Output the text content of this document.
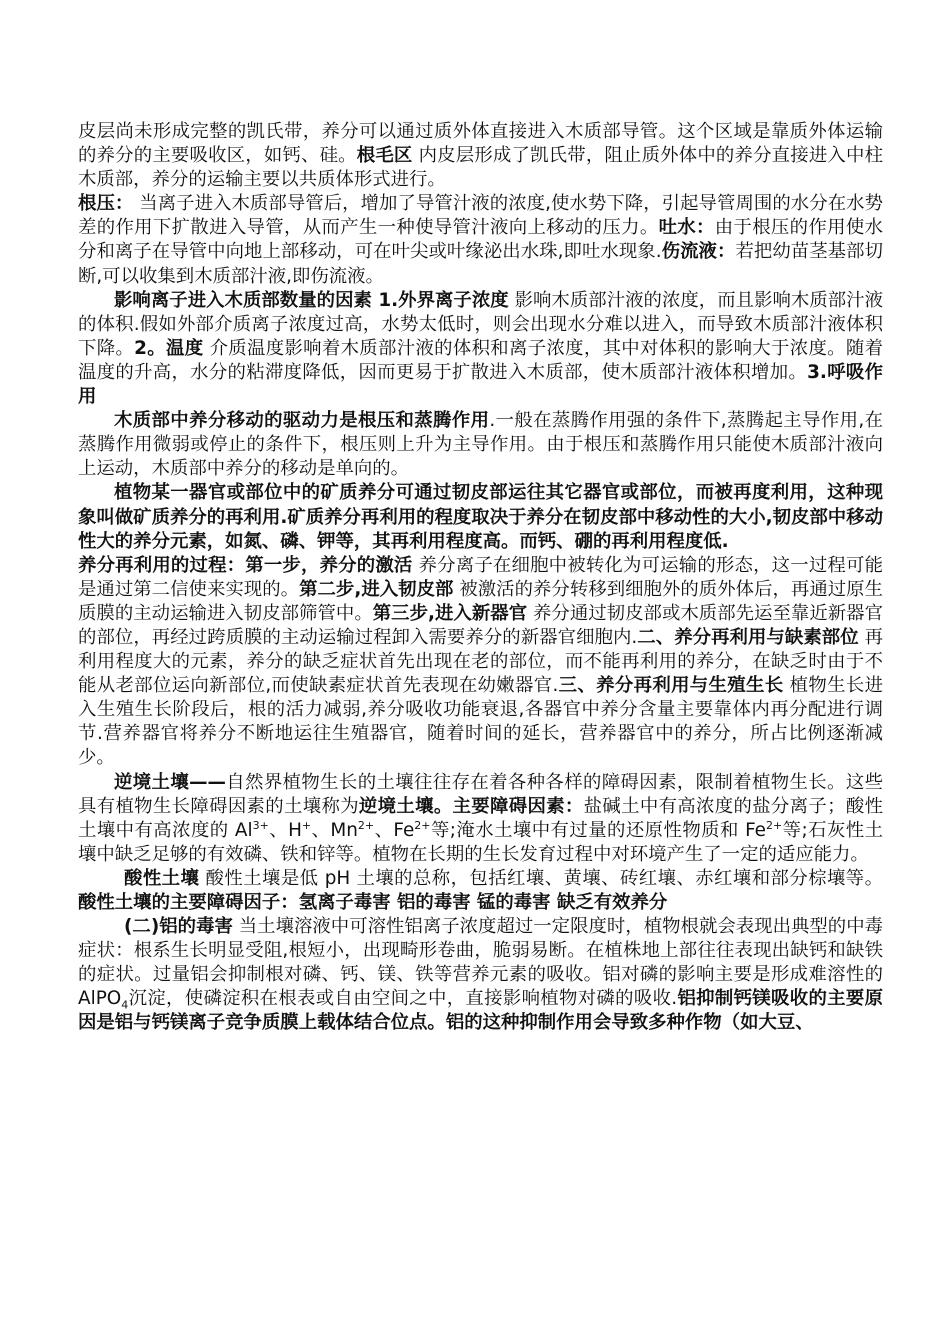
皮层尚未形成完整的凯氏带，养分可以通过质外体直接进入木质部导管。这个区域是靠质外体运输的养分的主要吸收区，如钙、硅。根毛区 内皮层形成了凯氏带，阻止质外体中的养分直接进入中柱木质部，养分的运输主要以共质体形式进行。

根压： 当离子进入木质部导管后，增加了导管汁液的浓度,使水势下降，引起导管周围的水分在水势差的作用下扩散进入导管，从而产生一种使导管汁液向上移动的压力。吐水：由于根压的作用使水分和离子在导管中向地上部移动，可在叶尖或叶缘泌出水珠,即吐水现象.伤流液：若把幼苗茎基部切断,可以收集到木质部汁液,即伤流液。

影响离子进入木质部数量的因素 1.外界离子浓度 影响木质部汁液的浓度，而且影响木质部汁液的体积.假如外部介质离子浓度过高，水势太低时，则会出现水分难以进入，而导致木质部汁液体积下降。2。温度 介质温度影响着木质部汁液的体积和离子浓度，其中对体积的影响大于浓度。随着温度的升高，水分的粘滞度降低，因而更易于扩散进入木质部，使木质部汁液体积增加。3.呼吸作用

木质部中养分移动的驱动力是根压和蒸腾作用.一般在蒸腾作用强的条件下,蒸腾起主导作用,在蒸腾作用微弱或停止的条件下，根压则上升为主导作用。由于根压和蒸腾作用只能使木质部汁液向上运动，木质部中养分的移动是单向的。

植物某一器官或部位中的矿质养分可通过韧皮部运往其它器官或部位，而被再度利用，这种现象叫做矿质养分的再利用.矿质养分再利用的程度取决于养分在韧皮部中移动性的大小,韧皮部中移动性大的养分元素，如氮、磷、钾等，其再利用程度高。而钙、硼的再利用程度低.

养分再利用的过程：第一步，养分的激活 养分离子在细胞中被转化为可运输的形态，这一过程可能是通过第二信使来实现的。第二步,进入韧皮部 被激活的养分转移到细胞外的质外体后，再通过原生质膜的主动运输进入韧皮部筛管中。第三步,进入新器官 养分通过韧皮部或木质部先运至靠近新器官的部位，再经过跨质膜的主动运输过程卸入需要养分的新器官细胞内.二、养分再利用与缺素部位 再利用程度大的元素，养分的缺乏症状首先出现在老的部位，而不能再利用的养分，在缺乏时由于不能从老部位运向新部位,而使缺素症状首先表现在幼嫩器官.三、养分再利用与生殖生长 植物生长进入生殖生长阶段后，根的活力减弱,养分吸收功能衰退,各器官中养分含量主要靠体内再分配进行调节.营养器官将养分不断地运往生殖器官，随着时间的延长，营养器官中的养分，所占比例逐渐减少。

逆境土壤——自然界植物生长的土壤往往存在着各种各样的障碍因素，限制着植物生长。这些具有植物生长障碍因素的土壤称为逆境土壤。主要障碍因素：盐碱土中有高浓度的盐分离子；酸性土壤中有高浓度的 $Al^{3+}$、H+、$Mn^{2+}$、$Fe^{2+}$等;淹水土壤中有过量的还原性物质和 $Fe^{2+}$等;石灰性土壤中缺乏足够的有效磷、铁和锌等。植物在长期的生长发育过程中对环境产生了一定的适应能力。

酸性土壤 酸性土壤是低 pH 土壤的总称，包括红壤、黄壤、砖红壤、赤红壤和部分棕壤等。酸性土壤的主要障碍因子：氢离子毒害 铝的毒害 锰的毒害 缺乏有效养分

(二)铝的毒害 当土壤溶液中可溶性铝离子浓度超过一定限度时，植物根就会表现出典型的中毒症状：根系生长明显受阻,根短小，出现畸形卷曲，脆弱易断。在植株地上部往往表现出缺钙和缺铁的症状。过量铝会抑制根对磷、钙、镁、铁等营养元素的吸收。铝对磷的影响主要是形成难溶性的 AlPO$_4$沉淀，使磷淀积在根表或自由空间之中，直接影响植物对磷的吸收.铝抑制钙镁吸收的主要原因是铝与钙镁离子竞争质膜上载体结合位点。铝的这种抑制作用会导致多种作物（如大豆、
